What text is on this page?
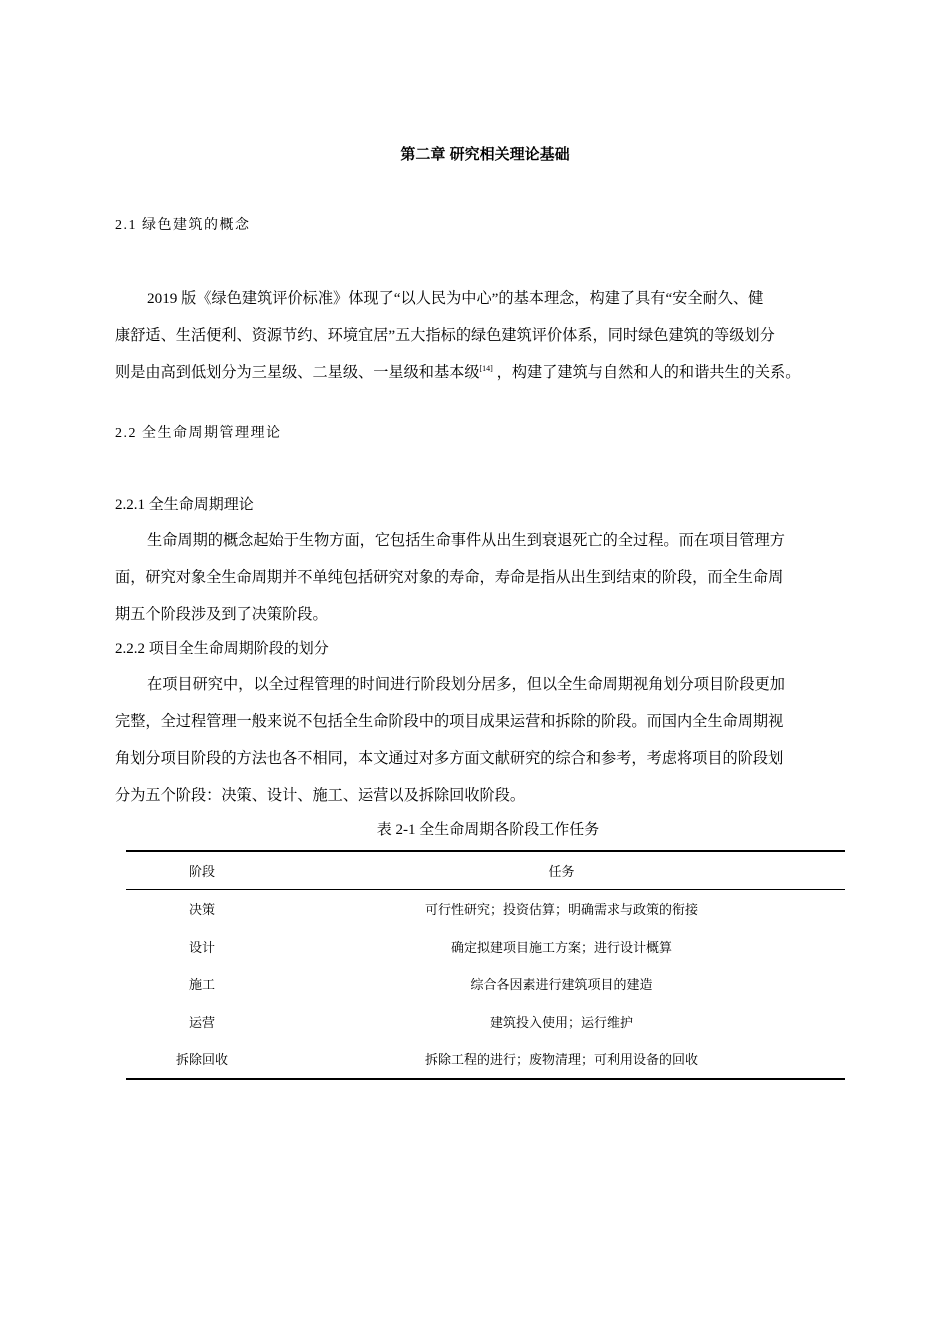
第二章 研究相关理论基础
2.1 绿色建筑的概念
2019 版《绿色建筑评价标准》体现了“以人民为中心”的基本理念，构建了具有“安全耐久、健
康舒适、生活便利、资源节约、环境宜居”五大指标的绿色建筑评价体系，同时绿色建筑的等级划分
则是由高到低划分为三星级、二星级、一星级和基本级[14] ，构建了建筑与自然和人的和谐共生的关系。
2.2 全生命周期管理理论
2.2.1 全生命周期理论
生命周期的概念起始于生物方面，它包括生命事件从出生到衰退死亡的全过程。而在项目管理方
面，研究对象全生命周期并不单纯包括研究对象的寿命，寿命是指从出生到结束的阶段，而全生命周
期五个阶段涉及到了决策阶段。
2.2.2 项目全生命周期阶段的划分
在项目研究中，以全过程管理的时间进行阶段划分居多，但以全生命周期视角划分项目阶段更加
完整，全过程管理一般来说不包括全生命阶段中的项目成果运营和拆除的阶段。而国内全生命周期视
角划分项目阶段的方法也各不相同，本文通过对多方面文献研究的综合和参考，考虑将项目的阶段划
分为五个阶段：决策、设计、施工、运营以及拆除回收阶段。
表 2-1 全生命周期各阶段工作任务
阶段	任务
决策	可行性研究；投资估算；明确需求与政策的衔接
设计	确定拟建项目施工方案；进行设计概算
施工	综合各因素进行建筑项目的建造
运营	建筑投入使用；运行维护
拆除回收	拆除工程的进行；废物清理；可利用设备的回收
